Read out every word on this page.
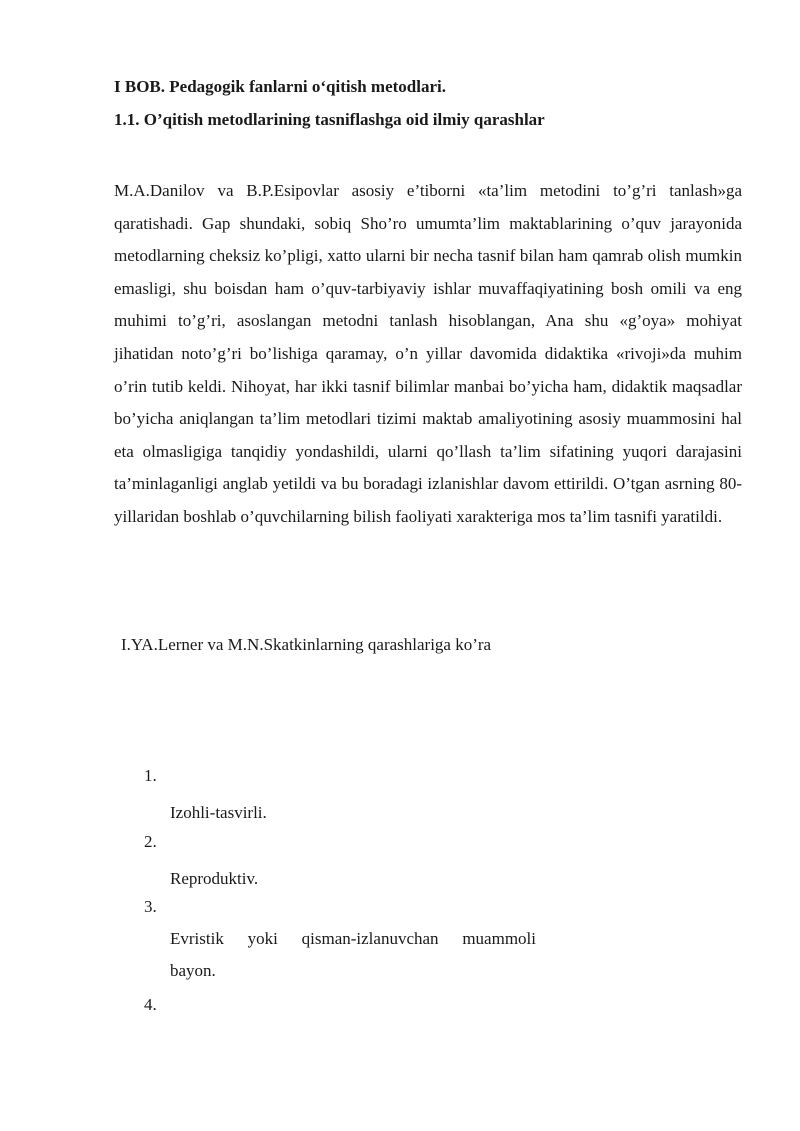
I BOB. Pedagogik fanlarni o‘qitish metodlari.

1.1. O’qitish metodlarining tasniflashga oid ilmiy qarashlar

M.A.Danilov va B.P.Esipovlar asosiy e’tiborni «ta’lim metodini to’g’ri tanlash»ga qaratishadi. Gap shundaki, sobiq Sho’ro umumta’lim maktablarining o’quv jarayonida metodlarning cheksiz ko’pligi, xatto ularni bir necha tasnif bilan ham qamrab olish mumkin emasligi, shu boisdan ham o’quv-tarbiyaviy ishlar muvaffaqiyatining bosh omili va eng muhimi to’g’ri, asoslangan metodni tanlash hisoblangan, Ana shu «g’oya» mohiyat jihatidan noto’g’ri bo’lishiga qaramay, o’n yillar davomida didaktika «rivoji»da muhim o’rin tutib keldi. Nihoyat, har ikki tasnif bilimlar manbai bo’yicha ham, didaktik maqsadlar bo’yicha aniqlangan ta’lim metodlari tizimi maktab amaliyotining asosiy muammosini hal eta olmasligiga tanqidiy yondashildi, ularni qo’llash ta’lim sifatining yuqori darajasini ta’minlaganligi anglab yetildi va bu boradagi izlanishlar davom ettirildi. O’tgan asrning 80-yillaridan boshlab o’quvchilarning bilish faoliyati xarakteriga mos ta’lim tasnifi yaratildi.

I.YA.Lerner va M.N.Skatkinlarning qarashlariga ko’ra

1.

Izohli-tasvirli.

2.

Reproduktiv.

3.

Evristik yoki qisman-izlanuvchan muammoli
bayon.

4.
